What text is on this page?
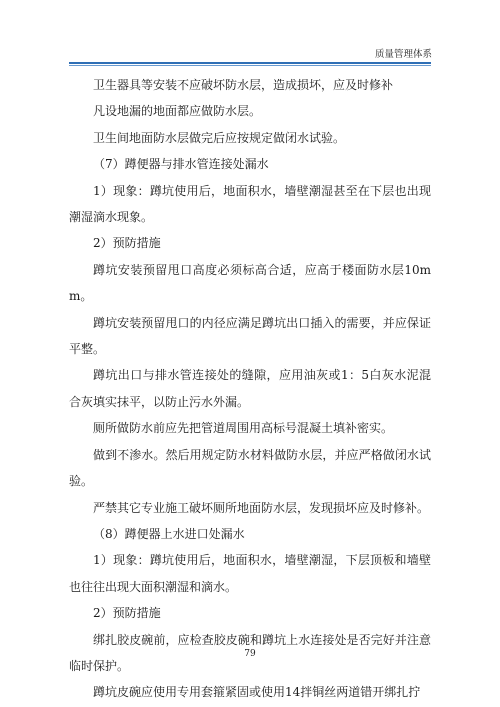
质量管理体系

卫生器具等安装不应破坏防水层，造成损坏，应及时修补

凡设地漏的地面都应做防水层。

卫生间地面防水层做完后应按规定做闭水试验。

（7）蹲便器与排水管连接处漏水

1）现象：蹲坑使用后，地面积水，墙壁潮湿甚至在下层也出现潮湿滴水现象。

2）预防措施

蹲坑安装预留甩口高度必须标高合适，应高于楼面防水层10mm。

蹲坑安装预留甩口的内径应满足蹲坑出口插入的需要，并应保证平整。

蹲坑出口与排水管连接处的缝隙，应用油灰或1：5白灰水泥混合灰填实抹平，以防止污水外漏。

厕所做防水前应先把管道周围用高标号混凝土填补密实。

做到不渗水。然后用规定防水材料做防水层，并应严格做闭水试验。

严禁其它专业施工破坏厕所地面防水层，发现损坏应及时修补。

（8）蹲便器上水进口处漏水

1）现象：蹲坑使用后，地面积水，墙壁潮湿，下层顶板和墙壁也往往出现大面积潮湿和滴水。

2）预防措施

绑扎胶皮碗前，应检查胶皮碗和蹲坑上水连接处是否完好并注意临时保护。

蹲坑皮碗应使用专用套箍紧固或使用14拌铜丝两道错开绑扎拧

79
